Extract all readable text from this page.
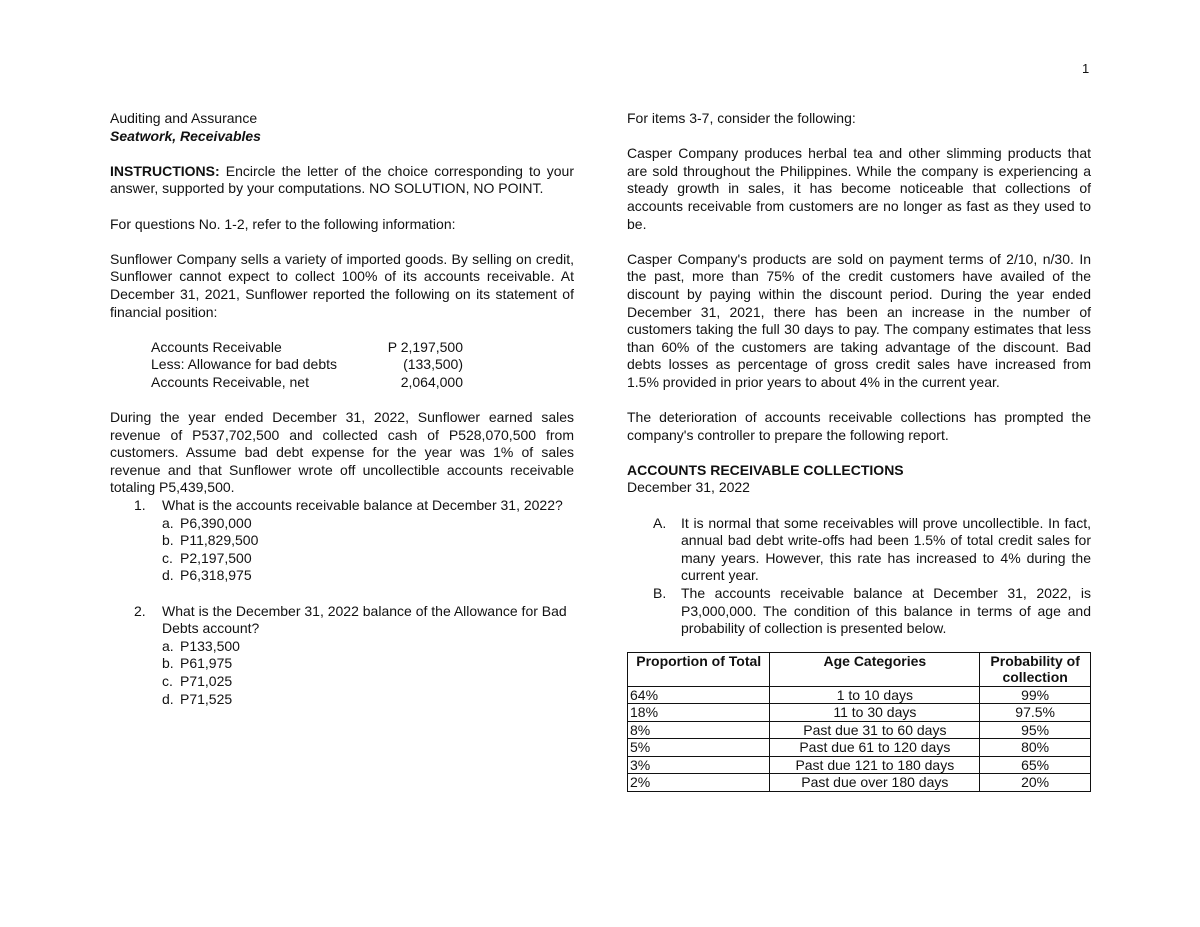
1

Auditing and Assurance

Seatwork, Receivables

INSTRUCTIONS: Encircle the letter of the choice corresponding to your answer, supported by your computations. NO SOLUTION, NO POINT.

For questions No. 1-2, refer to the following information:

Sunflower Company sells a variety of imported goods. By selling on credit, Sunflower cannot expect to collect 100% of its accounts receivable. At December 31, 2021, Sunflower reported the following on its statement of financial position:

Accounts Receivable	P 2,197,500
Less: Allowance for bad debts	(133,500)
Accounts Receivable, net	2,064,000

During the year ended December 31, 2022, Sunflower earned sales revenue of P537,702,500 and collected cash of P528,070,500 from customers. Assume bad debt expense for the year was 1% of sales revenue and that Sunflower wrote off uncollectible accounts receivable totaling P5,439,500.

1. What is the accounts receivable balance at December 31, 2022?

a. P6,390,000
b. P11,829,500
c. P2,197,500
d. P6,318,975
2. What is the December 31, 2022 balance of the Allowance for Bad Debts account?

a. P133,500
b. P61,975
c. P71,025
d. P71,525

For items 3-7, consider the following:

Casper Company produces herbal tea and other slimming products that are sold throughout the Philippines. While the company is experiencing a steady growth in sales, it has become noticeable that collections of accounts receivable from customers are no longer as fast as they used to be.

Casper Company's products are sold on payment terms of 2/10, n/30. In the past, more than 75% of the credit customers have availed of the discount by paying within the discount period. During the year ended December 31, 2021, there has been an increase in the number of customers taking the full 30 days to pay. The company estimates that less than 60% of the customers are taking advantage of the discount. Bad debts losses as percentage of gross credit sales have increased from 1.5% provided in prior years to about 4% in the current year.

The deterioration of accounts receivable collections has prompted the company's controller to prepare the following report.

ACCOUNTS RECEIVABLE COLLECTIONS

December 31, 2022

A. It is normal that some receivables will prove uncollectible. In fact, annual bad debt write-offs had been 1.5% of total credit sales for many years. However, this rate has increased to 4% during the current year.

B. The accounts receivable balance at December 31, 2022, is P3,000,000. The condition of this balance in terms of age and probability of collection is presented below.

Proportion of Total	Age Categories	Probability of collection
64%	1 to 10 days	99%
18%	11 to 30 days	97.5%
8%	Past due 31 to 60 days	95%
5%	Past due 61 to 120 days	80%
3%	Past due 121 to 180 days	65%
2%	Past due over 180 days	20%
